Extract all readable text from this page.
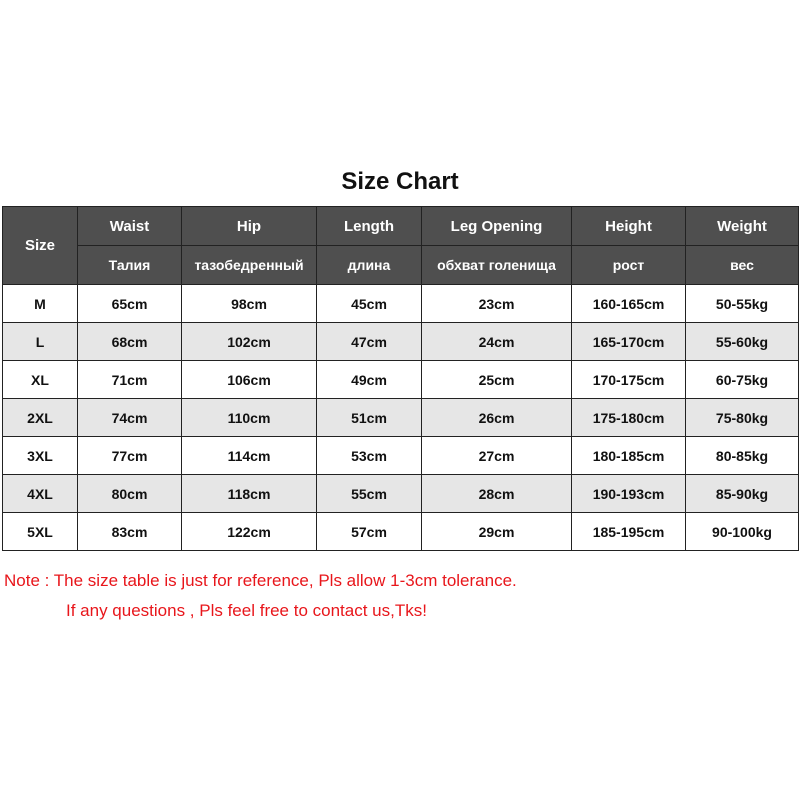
Size Chart
Size	Waist	Hip	Length	Leg Opening	Height	Weight
	Талия	тазобедренный	длина	обхват голенища	рост	вес
M	65cm	98cm	45cm	23cm	160-165cm	50-55kg
L	68cm	102cm	47cm	24cm	165-170cm	55-60kg
XL	71cm	106cm	49cm	25cm	170-175cm	60-75kg
2XL	74cm	110cm	51cm	26cm	175-180cm	75-80kg
3XL	77cm	114cm	53cm	27cm	180-185cm	80-85kg
4XL	80cm	118cm	55cm	28cm	190-193cm	85-90kg
5XL	83cm	122cm	57cm	29cm	185-195cm	90-100kg
Note : The size table is just for reference, Pls allow 1-3cm tolerance.
If any questions , Pls feel free to contact us,Tks!
